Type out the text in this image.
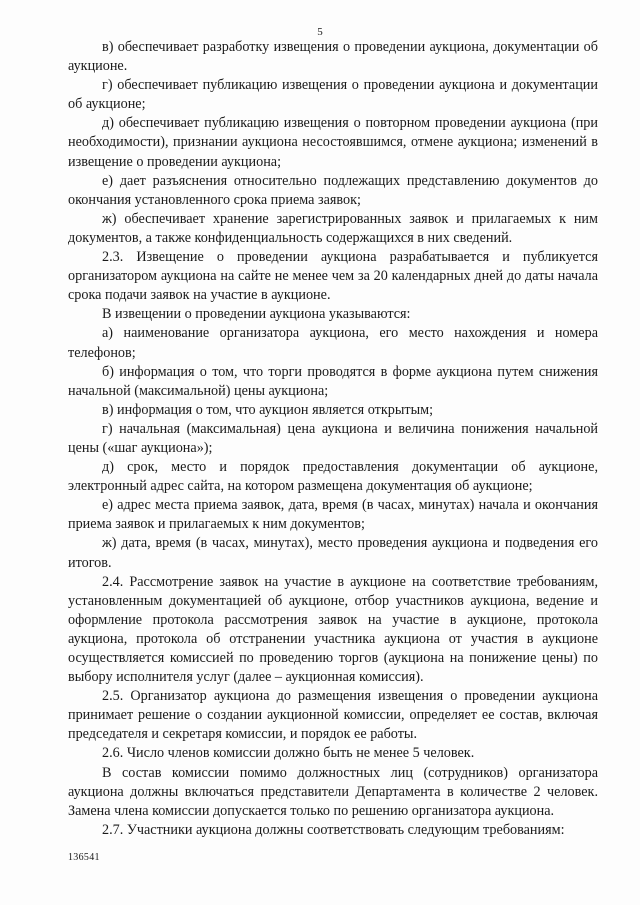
5

в) обеспечивает разработку извещения о проведении аукциона, документации об аукционе.

г) обеспечивает публикацию извещения о проведении аукциона и документации об аукционе;

д) обеспечивает публикацию извещения о повторном проведении аукциона (при необходимости), признании аукциона несостоявшимся, отмене аукциона; изменений в извещение о проведении аукциона;

е) дает разъяснения относительно подлежащих представлению документов до окончания установленного срока приема заявок;

ж) обеспечивает хранение зарегистрированных заявок и прилагаемых к ним документов, а также конфиденциальность содержащихся в них сведений.

2.3. Извещение о проведении аукциона разрабатывается и публикуется организатором аукциона на сайте не менее чем за 20 календарных дней до даты начала срока подачи заявок на участие в аукционе.

В извещении о проведении аукциона указываются:

а) наименование организатора аукциона, его место нахождения и номера телефонов;

б) информация о том, что торги проводятся в форме аукциона путем снижения начальной (максимальной) цены аукциона;

в) информация о том, что аукцион является открытым;

г) начальная (максимальная) цена аукциона и величина понижения начальной цены («шаг аукциона»);

д) срок, место и порядок предоставления документации об аукционе, электронный адрес сайта, на котором размещена документация об аукционе;

е) адрес места приема заявок, дата, время (в часах, минутах) начала и окончания приема заявок и прилагаемых к ним документов;

ж) дата, время (в часах, минутах), место проведения аукциона и подведения его итогов.

2.4. Рассмотрение заявок на участие в аукционе на соответствие требованиям, установленным документацией об аукционе, отбор участников аукциона, ведение и оформление протокола рассмотрения заявок на участие в аукционе, протокола аукциона, протокола об отстранении участника аукциона от участия в аукционе осуществляется комиссией по проведению торгов (аукциона на понижение цены) по выбору исполнителя услуг (далее – аукционная комиссия).

2.5. Организатор аукциона до размещения извещения о проведении аукциона принимает решение о создании аукционной комиссии, определяет ее состав, включая председателя и секретаря комиссии, и порядок ее работы.

2.6. Число членов комиссии должно быть не менее 5 человек.

В состав комиссии помимо должностных лиц (сотрудников) организатора аукциона должны включаться представители Департамента в количестве 2 человек. Замена члена комиссии допускается только по решению организатора аукциона.

2.7. Участники аукциона должны соответствовать следующим требованиям:

136541
